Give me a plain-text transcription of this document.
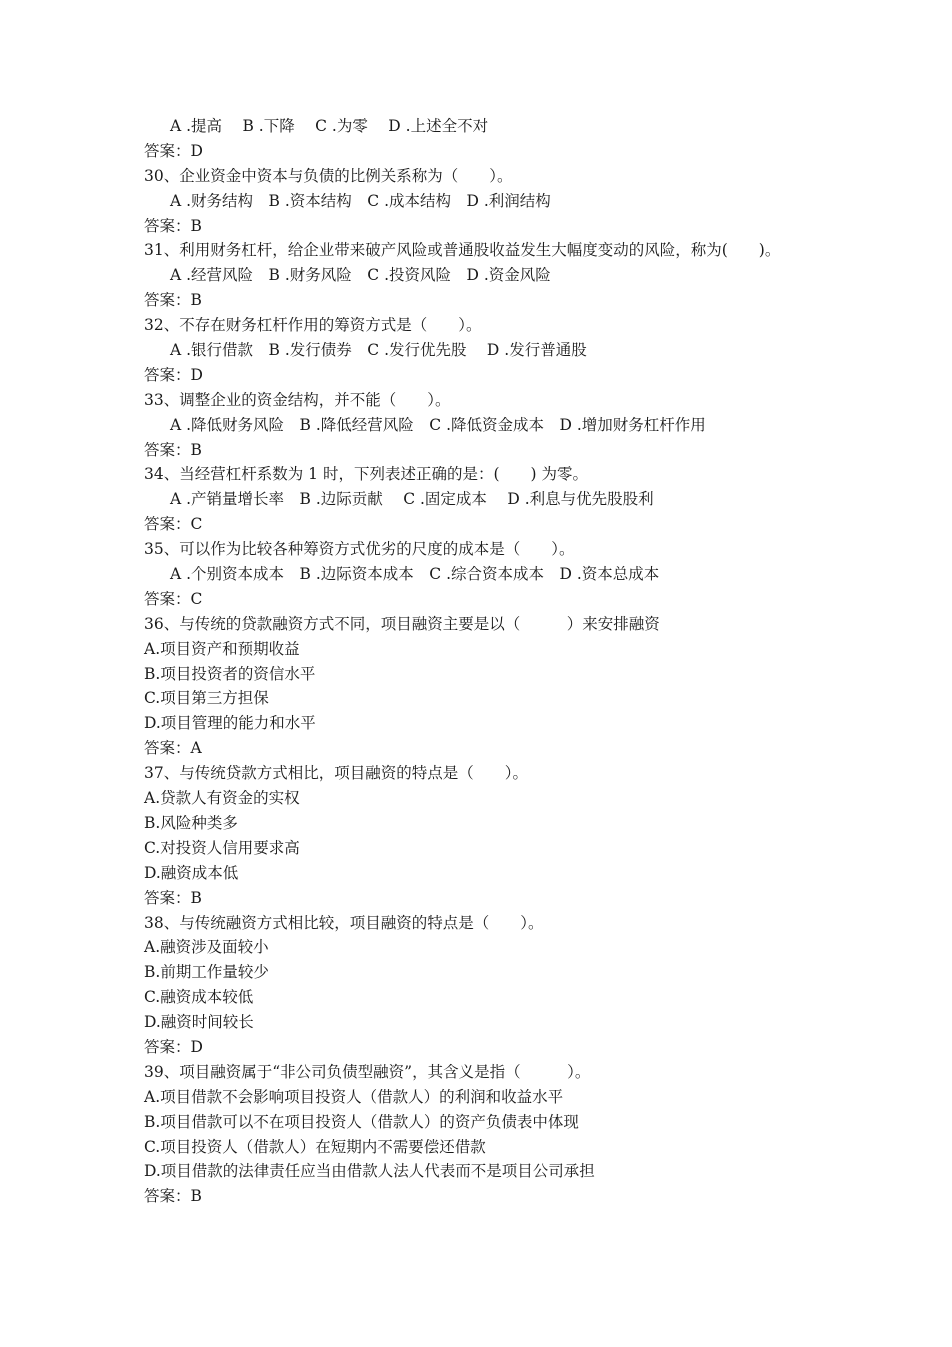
A .提高　 B .下降　 C .为零　 D .上述全不对
答案：D
30、企业资金中资本与负债的比例关系称为（　　）。
A .财务结构　B .资本结构　C .成本结构　D .利润结构
答案：B
31、利用财务杠杆，给企业带来破产风险或普通股收益发生大幅度变动的风险，称为(　　)。
A .经营风险　B .财务风险　C .投资风险　D .资金风险
答案：B
32、不存在财务杠杆作用的筹资方式是（　　）。
A .银行借款　B .发行债券　C .发行优先股　 D .发行普通股
答案：D
33、调整企业的资金结构，并不能（　　）。
A .降低财务风险　B .降低经营风险　C .降低资金成本　D .增加财务杠杆作用
答案：B
34、当经营杠杆系数为 1 时，下列表述正确的是：(　　) 为零。
A .产销量增长率　B .边际贡献　 C .固定成本　 D .利息与优先股股利
答案：C
35、可以作为比较各种筹资方式优劣的尺度的成本是（　　）。
A .个别资本成本　B .边际资本成本　C .综合资本成本　D .资本总成本
答案：C
36、与传统的贷款融资方式不同，项目融资主要是以（　　　）来安排融资
A.项目资产和预期收益
B.项目投资者的资信水平
C.项目第三方担保
D.项目管理的能力和水平
答案：A
37、与传统贷款方式相比，项目融资的特点是（　　）。
A.贷款人有资金的实权
B.风险种类多
C.对投资人信用要求高
D.融资成本低
答案：B
38、与传统融资方式相比较，项目融资的特点是（　　）。
A.融资涉及面较小
B.前期工作量较少
C.融资成本较低
D.融资时间较长
答案：D
39、项目融资属于“非公司负债型融资”，其含义是指（　　　）。
A.项目借款不会影响项目投资人（借款人）的利润和收益水平
B.项目借款可以不在项目投资人（借款人）的资产负债表中体现
C.项目投资人（借款人）在短期内不需要偿还借款
D.项目借款的法律责任应当由借款人法人代表而不是项目公司承担
答案：B
